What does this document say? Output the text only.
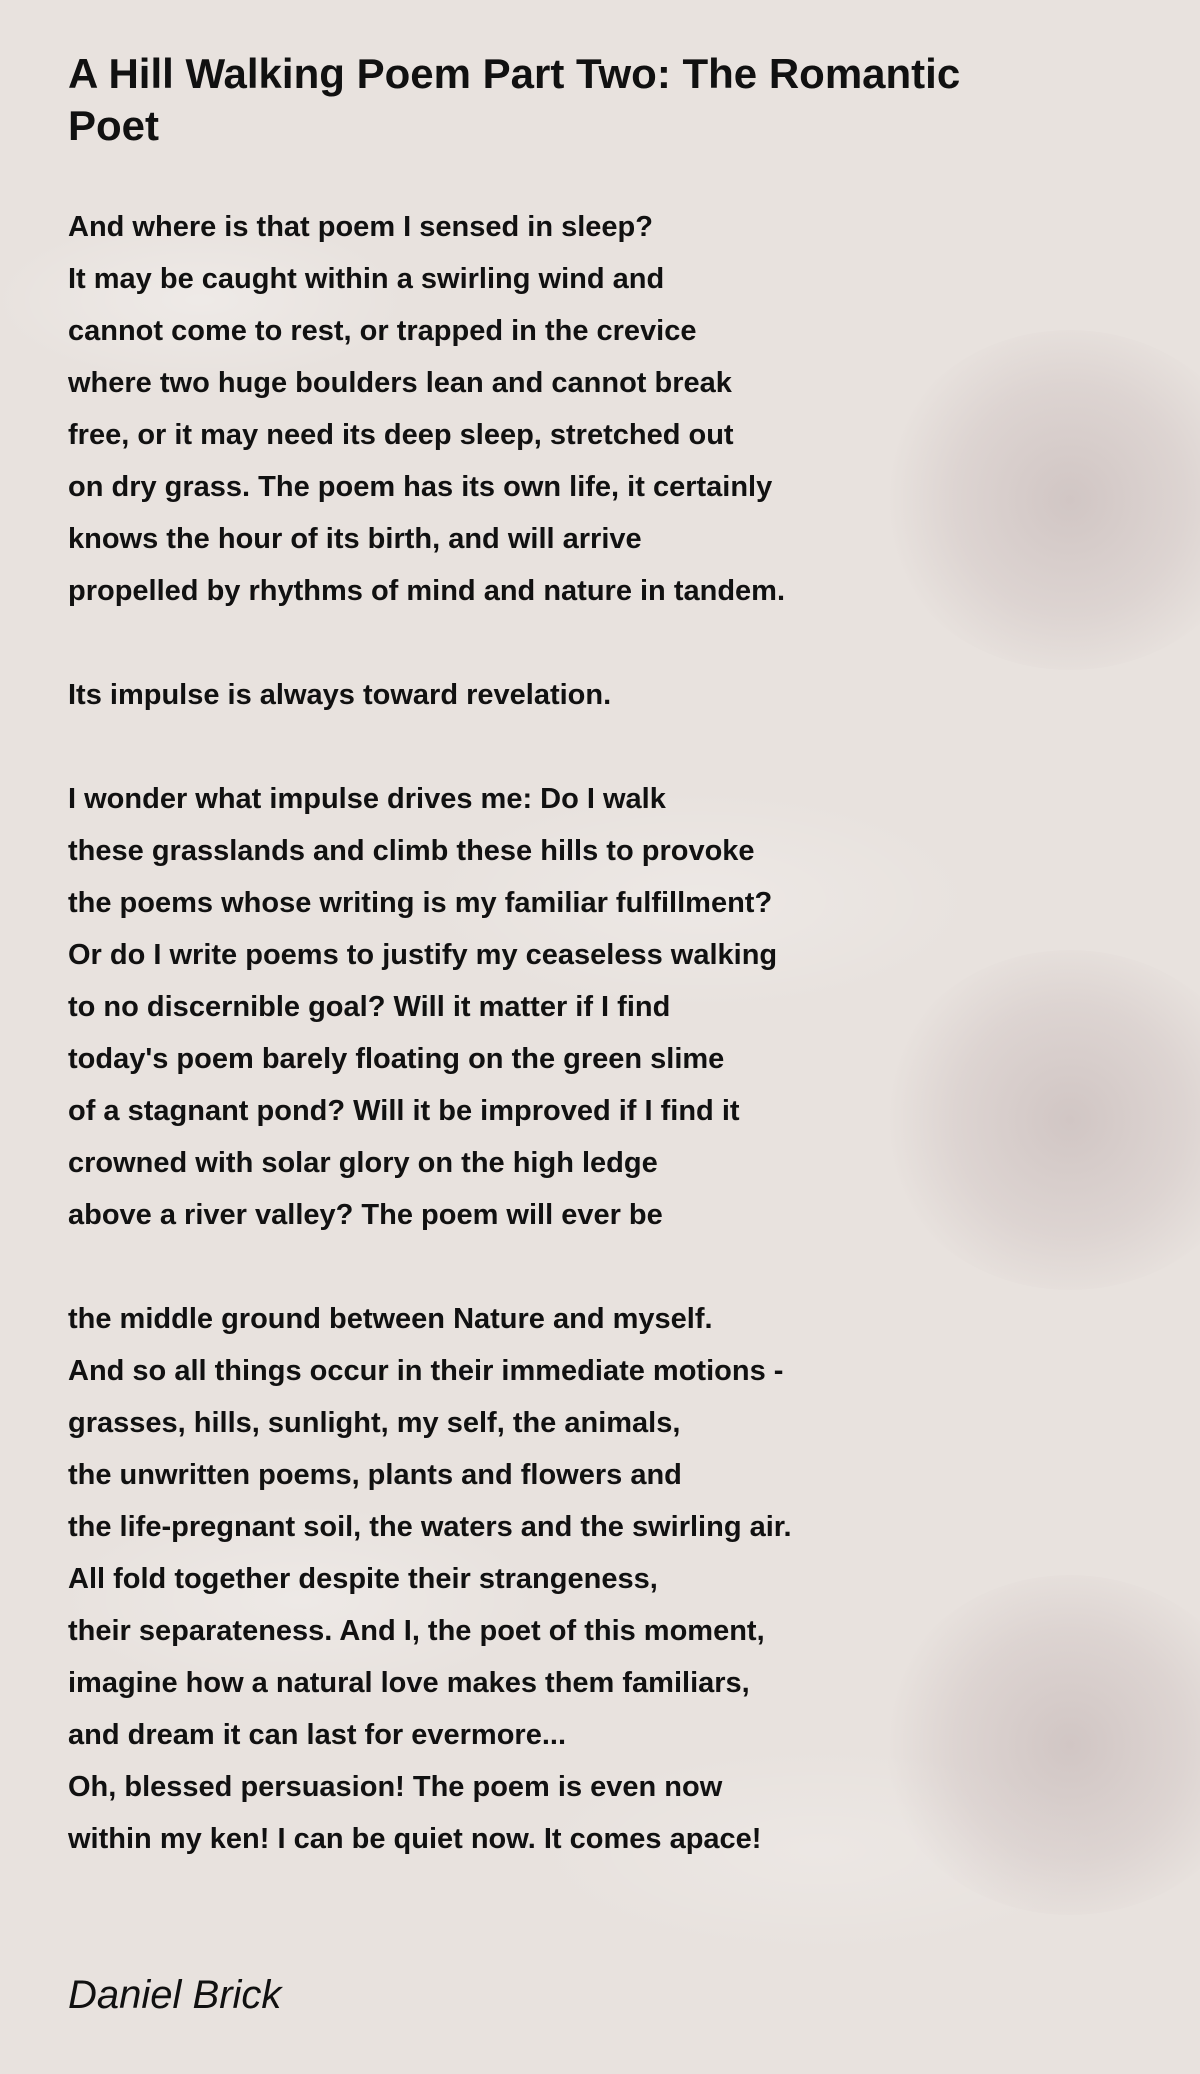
A Hill Walking Poem Part Two: The Romantic Poet
And where is that poem I sensed in sleep?
It may be caught within a swirling wind and
cannot come to rest, or trapped in the crevice
where two huge boulders lean and cannot break
free, or it may need its deep sleep, stretched out
on dry grass. The poem has its own life, it certainly
knows the hour of its birth, and will arrive
propelled by rhythms of mind and nature in tandem.
Its impulse is always toward revelation.
I wonder what impulse drives me: Do I walk
these grasslands and climb these hills to provoke
the poems whose writing is my familiar fulfillment?
Or do I write poems to justify my ceaseless walking
to no discernible goal? Will it matter if I find
today's poem barely floating on the green slime
of a stagnant pond? Will it be improved if I find it
crowned with solar glory on the high ledge
above a river valley? The poem will ever be
the middle ground between Nature and myself.
And so all things occur in their immediate motions -
grasses, hills, sunlight, my self, the animals,
the unwritten poems, plants and flowers and
the life-pregnant soil, the waters and the swirling air.
All fold together despite their strangeness,
their separateness. And I, the poet of this moment,
imagine how a natural love makes them familiars,
and dream it can last for evermore...
Oh, blessed persuasion! The poem is even now
within my ken! I can be quiet now. It comes apace!
Daniel Brick
